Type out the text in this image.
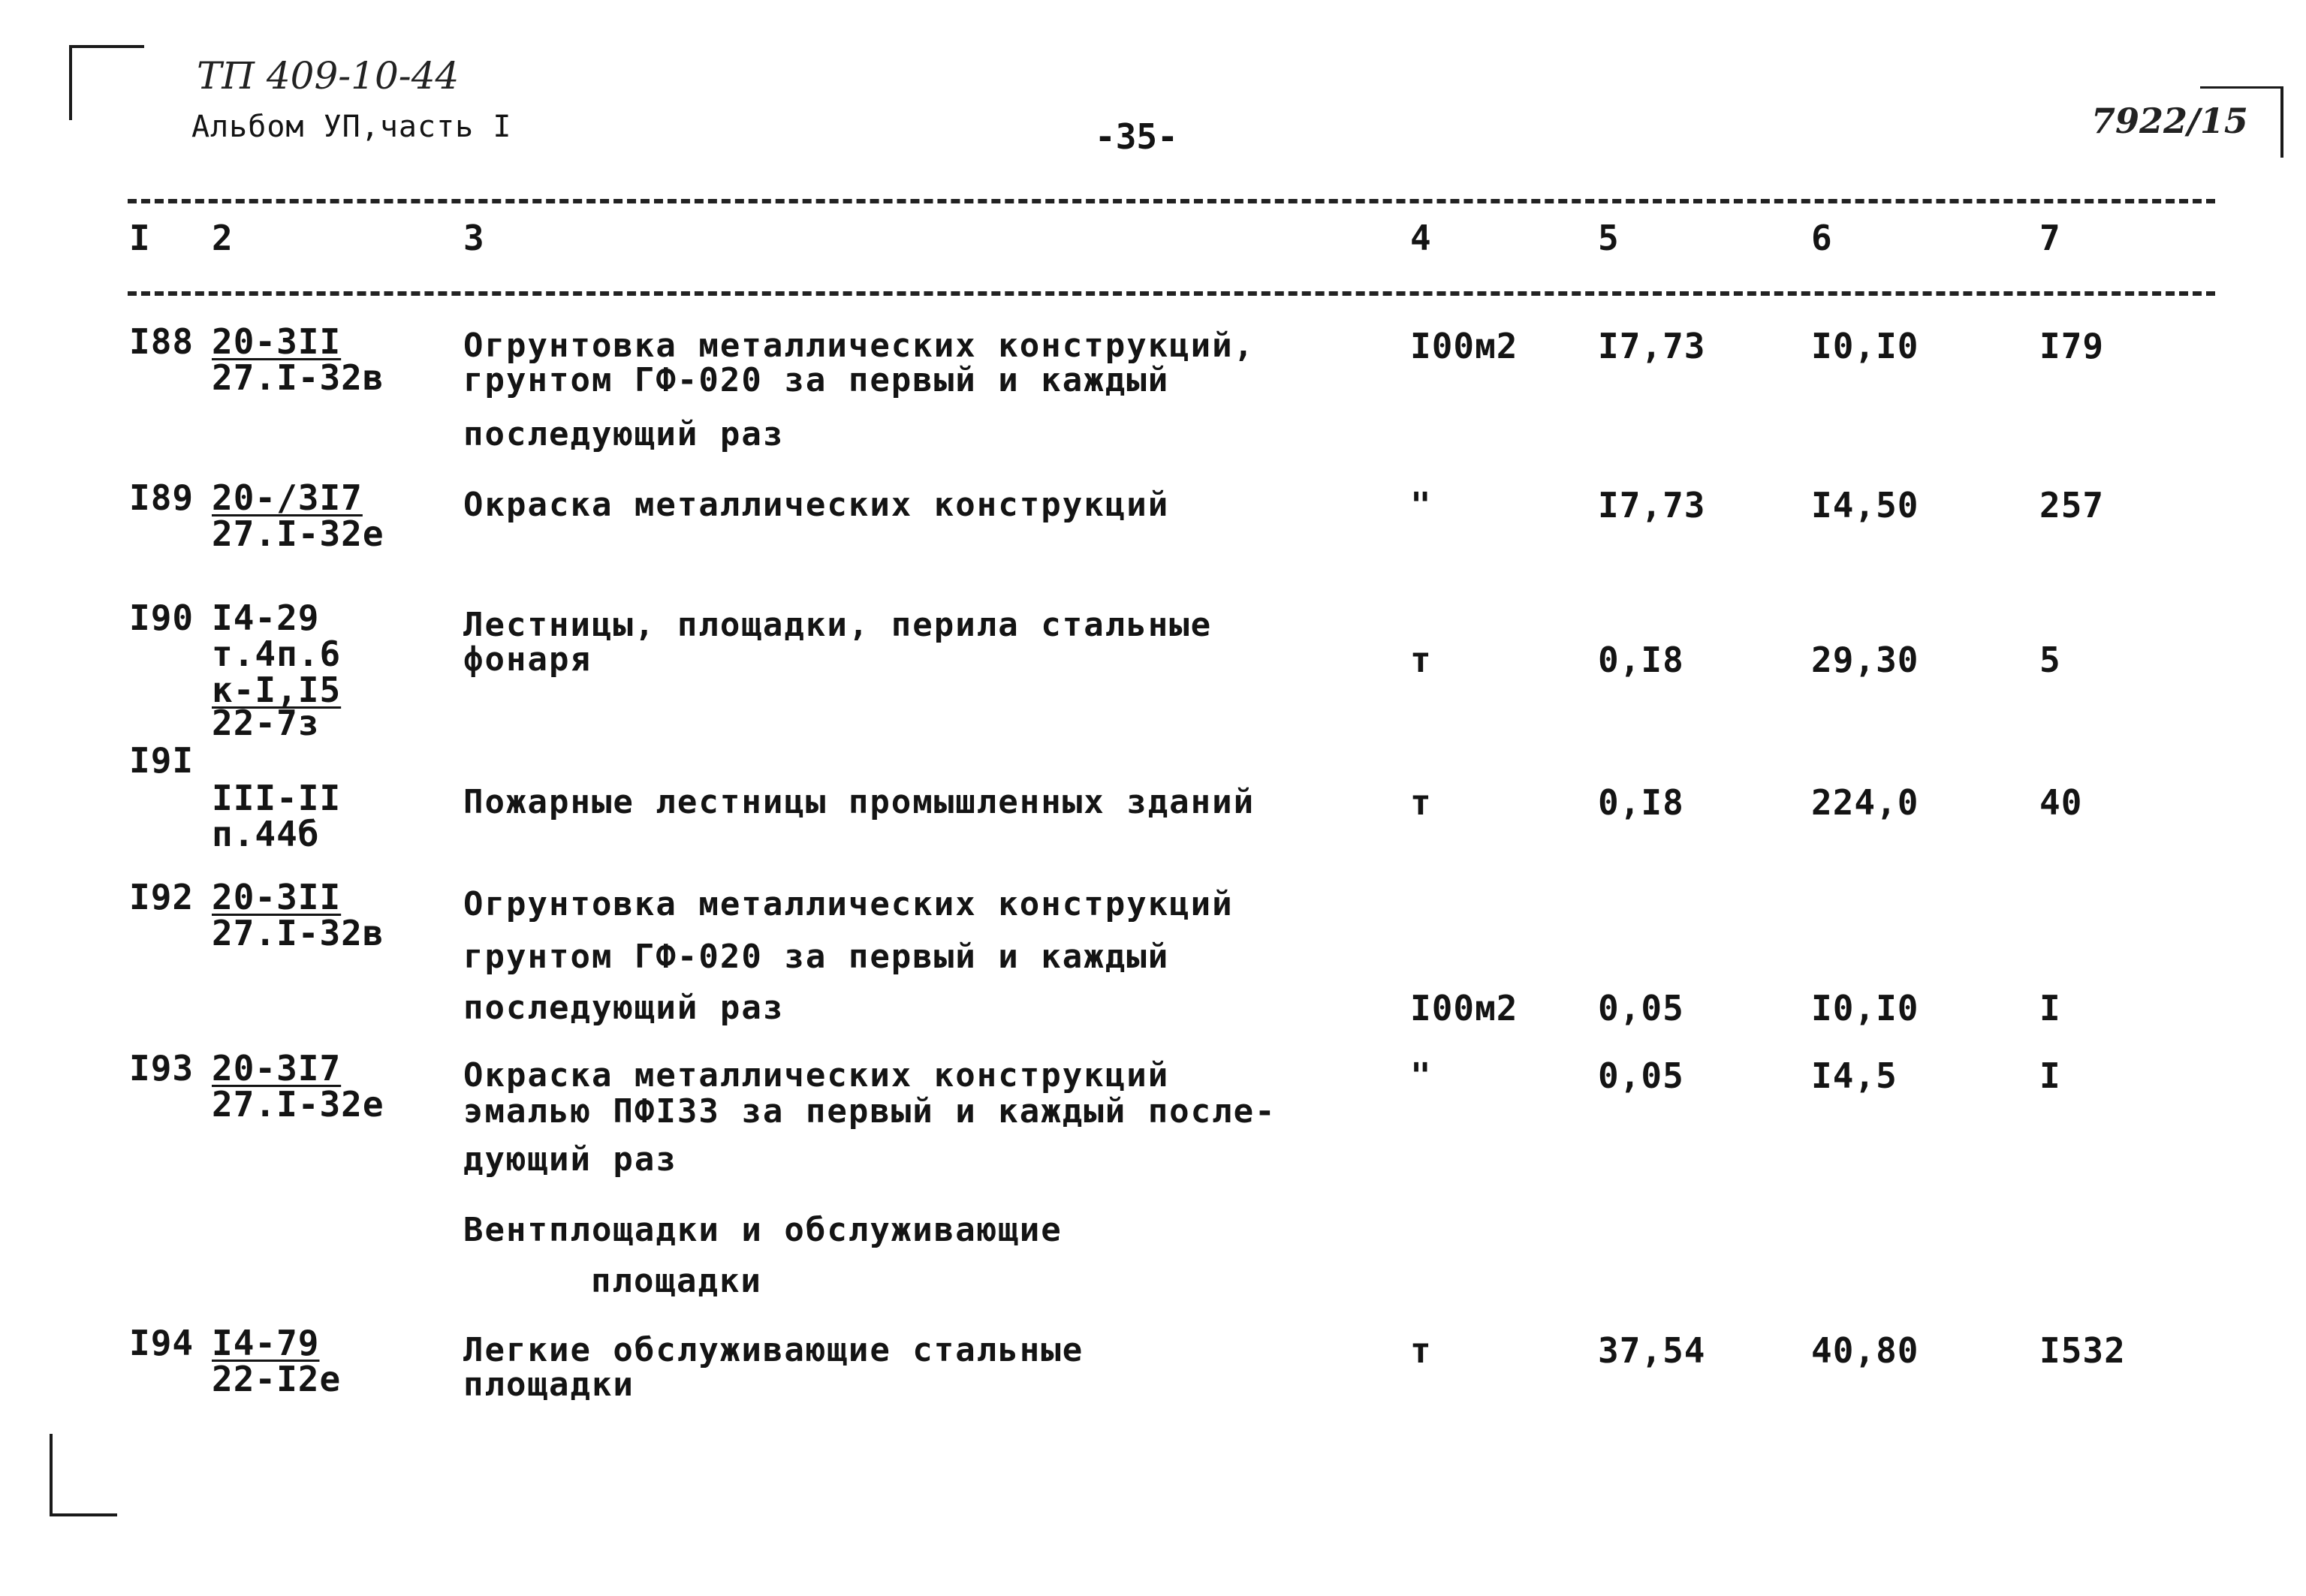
ТП 409-10-44
Альбом УП,часть I	-35-	7922/15
I 2	3	4	5	6	7
I88 20-3II
27.I-32в
Огрунтовка металлических конструкций,
грунтом ГФ-020 за первый и каждый
последующий раз
I00м2 I7,73	I0,I0	I79
I89 20-/3I7
27.I-32е
Окраска металлических конструкций	"	I7,73	I4,50	257
I90 I4-29
т.4п.6
к-I,I5
22-7з
Лестницы, площадки, перила стальные
фонаря	т	0,I8	29,30	5
I9I
III-II
п.44б
Пожарные лестницы промышленных зданий	т	0,I8	224,0	40
I92 20-3II
27.I-32в
Огрунтовка металлических конструкций
грунтом ГФ-020 за первый и каждый
последующий раз	I00м2 0,05	I0,I0	I
I93 20-3I7
27.I-32е
Окраска металлических конструкций
эмалью ПФI33 за первый и каждый после-
дующий раз
"	0,05	I4,5	I
Вентплощадки и обслуживающие
площадки
I94 I4-79
22-I2е
Легкие обслуживающие стальные
площадки
т	37,54	40,80	I532
